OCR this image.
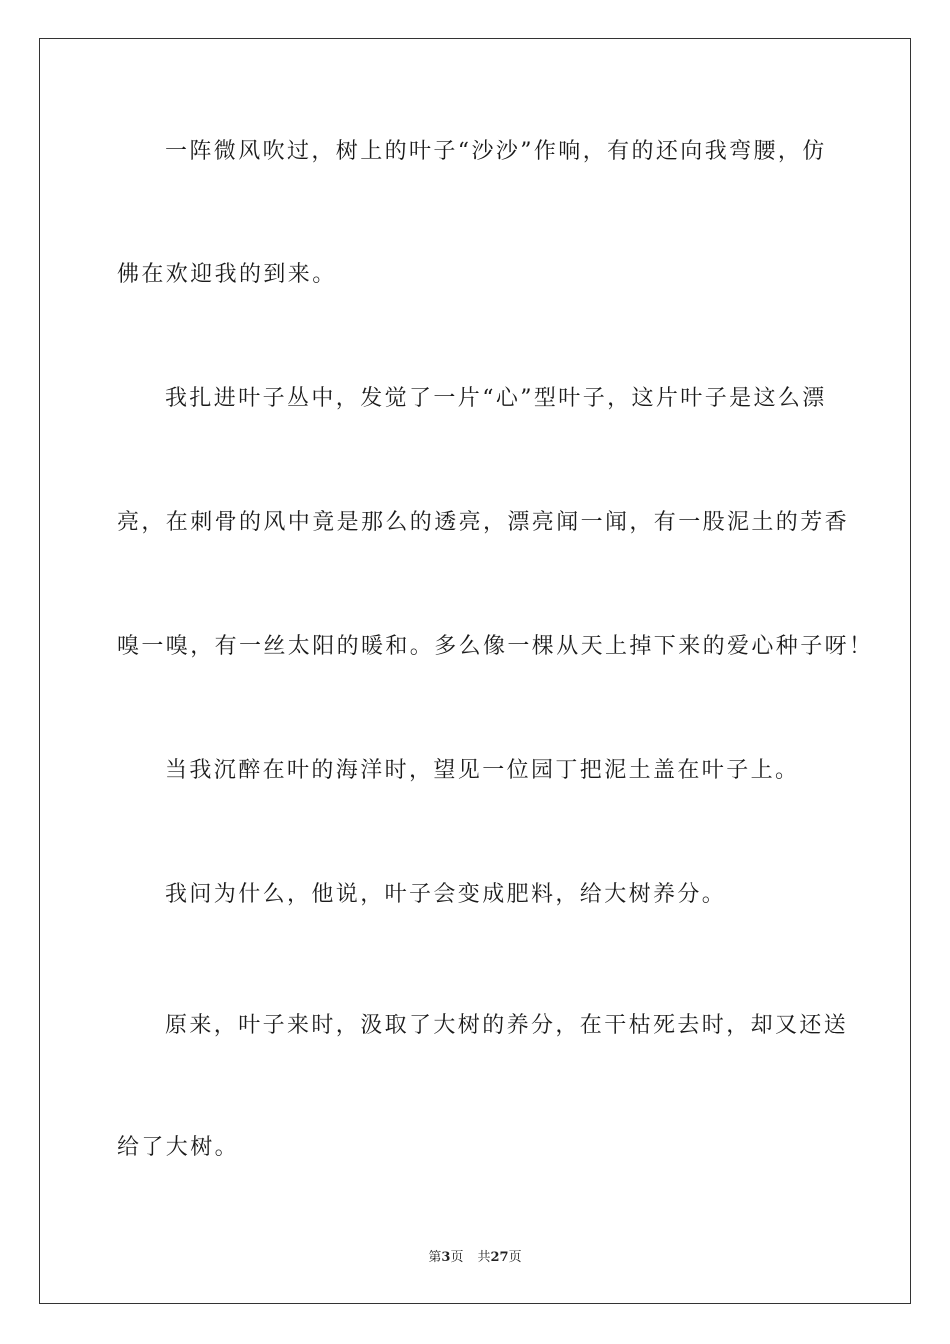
一阵微风吹过，树上的叶子“沙沙”作响，有的还向我弯腰，仿
佛在欢迎我的到来。
我扎进叶子丛中，发觉了一片“心”型叶子，这片叶子是这么漂
亮，在刺骨的风中竟是那么的透亮，漂亮闻一闻，有一股泥土的芳香
嗅一嗅，有一丝太阳的暖和。多么像一棵从天上掉下来的爱心种子呀！
当我沉醉在叶的海洋时，望见一位园丁把泥土盖在叶子上。
我问为什么，他说，叶子会变成肥料，给大树养分。
原来，叶子来时，汲取了大树的养分，在干枯死去时，却又还送
给了大树。
第3页 共27页
